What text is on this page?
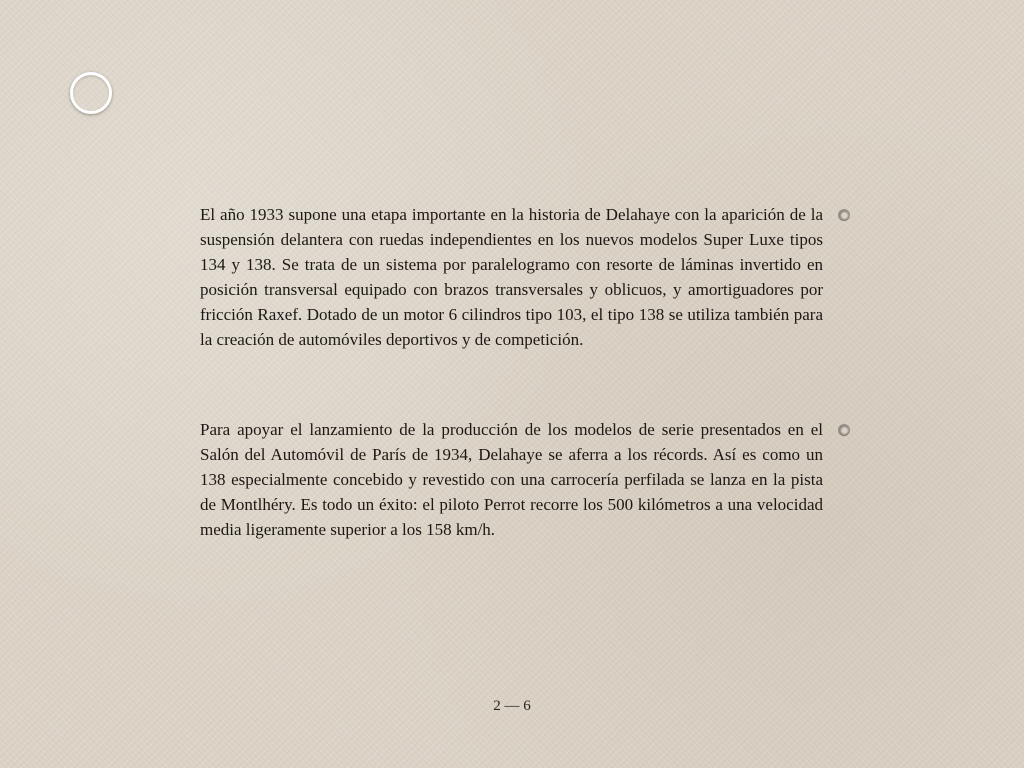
El año 1933 supone una etapa importante en la historia de Delahaye con la aparición de la suspensión delantera con ruedas independientes en los nuevos modelos Super Luxe tipos 134 y 138. Se trata de un sistema por paralelogramo con resorte de láminas invertido en posición transversal equipado con brazos transversales y oblicuos, y amortiguadores por fricción Raxef. Dotado de un motor 6 cilindros tipo 103, el tipo 138 se utiliza también para la creación de automóviles deportivos y de competición.

Para apoyar el lanzamiento de la producción de los modelos de serie presentados en el Salón del Automóvil de París de 1934, Delahaye se aferra a los récords. Así es como un 138 especialmente concebido y revestido con una carrocería perfilada se lanza en la pista de Montlhéry. Es todo un éxito: el piloto Perrot recorre los 500 kilómetros a una velocidad media ligeramente superior a los 158 km/h.

2 — 6
